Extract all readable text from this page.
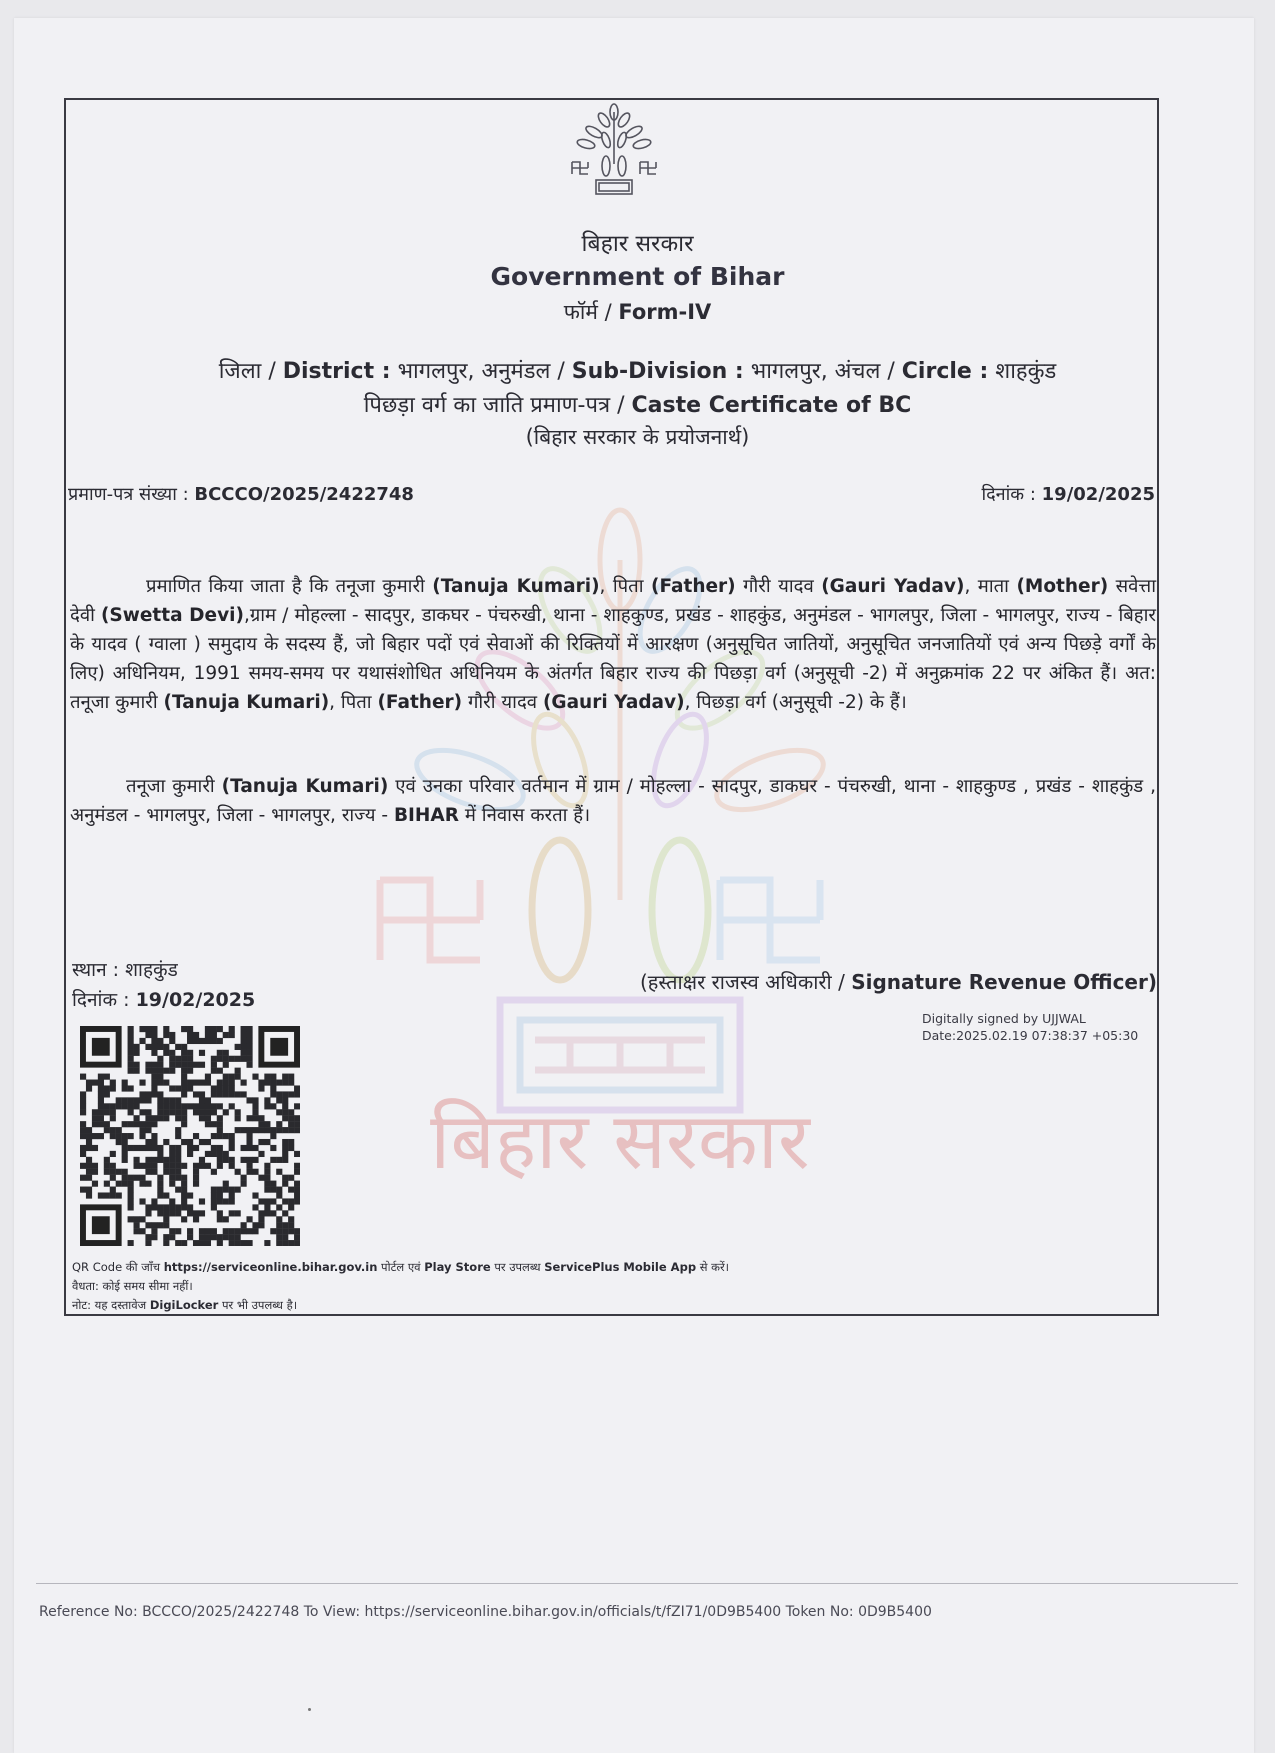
बिहार सरकार
बिहार सरकार
Government of Bihar
फॉर्म / Form-IV
जिला / District : भागलपुर, अनुमंडल / Sub-Division : भागलपुर, अंचल / Circle : शाहकुंड
पिछड़ा वर्ग का जाति प्रमाण-पत्र / Caste Certificate of BC
(बिहार सरकार के प्रयोजनार्थ)
प्रमाण-पत्र संख्या : BCCCO/2025/2422748	दिनांक : 19/02/2025
प्रमाणित किया जाता है कि तनूजा कुमारी (Tanuja Kumari), पिता (Father) गौरी यादव (Gauri Yadav), माता (Mother) सवेत्ता देवी (Swetta Devi),ग्राम / मोहल्ला - सादपुर, डाकघर - पंचरुखी, थाना - शाहकुण्ड, प्रखंड - शाहकुंड, अनुमंडल - भागलपुर, जिला - भागलपुर, राज्य - बिहार के यादव ( ग्वाला ) समुदाय के सदस्य हैं, जो बिहार पदों एवं सेवाओं की रिक्तियों में आरक्षण (अनुसूचित जातियों, अनुसूचित जनजातियों एवं अन्य पिछड़े वर्गों के लिए) अधिनियम, 1991 समय-समय पर यथासंशोधित अधिनियम के अंतर्गत बिहार राज्य की पिछड़ा वर्ग (अनुसूची -2) में अनुक्रमांक 22 पर अंकित हैं। अत: तनूजा कुमारी (Tanuja Kumari), पिता (Father) गौरी यादव (Gauri Yadav), पिछड़ा वर्ग (अनुसूची -2) के हैं।
तनूजा कुमारी (Tanuja Kumari) एवं उनका परिवार वर्तमान में ग्राम / मोहल्ला - सादपुर, डाकघर - पंचरुखी, थाना - शाहकुण्ड , प्रखंड - शाहकुंड , अनुमंडल - भागलपुर, जिला - भागलपुर, राज्य - BIHAR में निवास करता हैं।
स्थान : शाहकुंड
दिनांक : 19/02/2025
(हस्ताक्षर राजस्व अधिकारी / Signature Revenue Officer)
Digitally signed by UJJWAL
Date:2025.02.19 07:38:37 +05:30
QR Code की जाँच https://serviceonline.bihar.gov.in पोर्टल एवं Play Store पर उपलब्ध ServicePlus Mobile App से करें।
वैधता: कोई समय सीमा नहीं।
नोट: यह दस्तावेज DigiLocker पर भी उपलब्ध है।
Reference No: BCCCO/2025/2422748 To View: https://serviceonline.bihar.gov.in/officials/t/fZI71/0D9B5400 Token No: 0D9B5400
